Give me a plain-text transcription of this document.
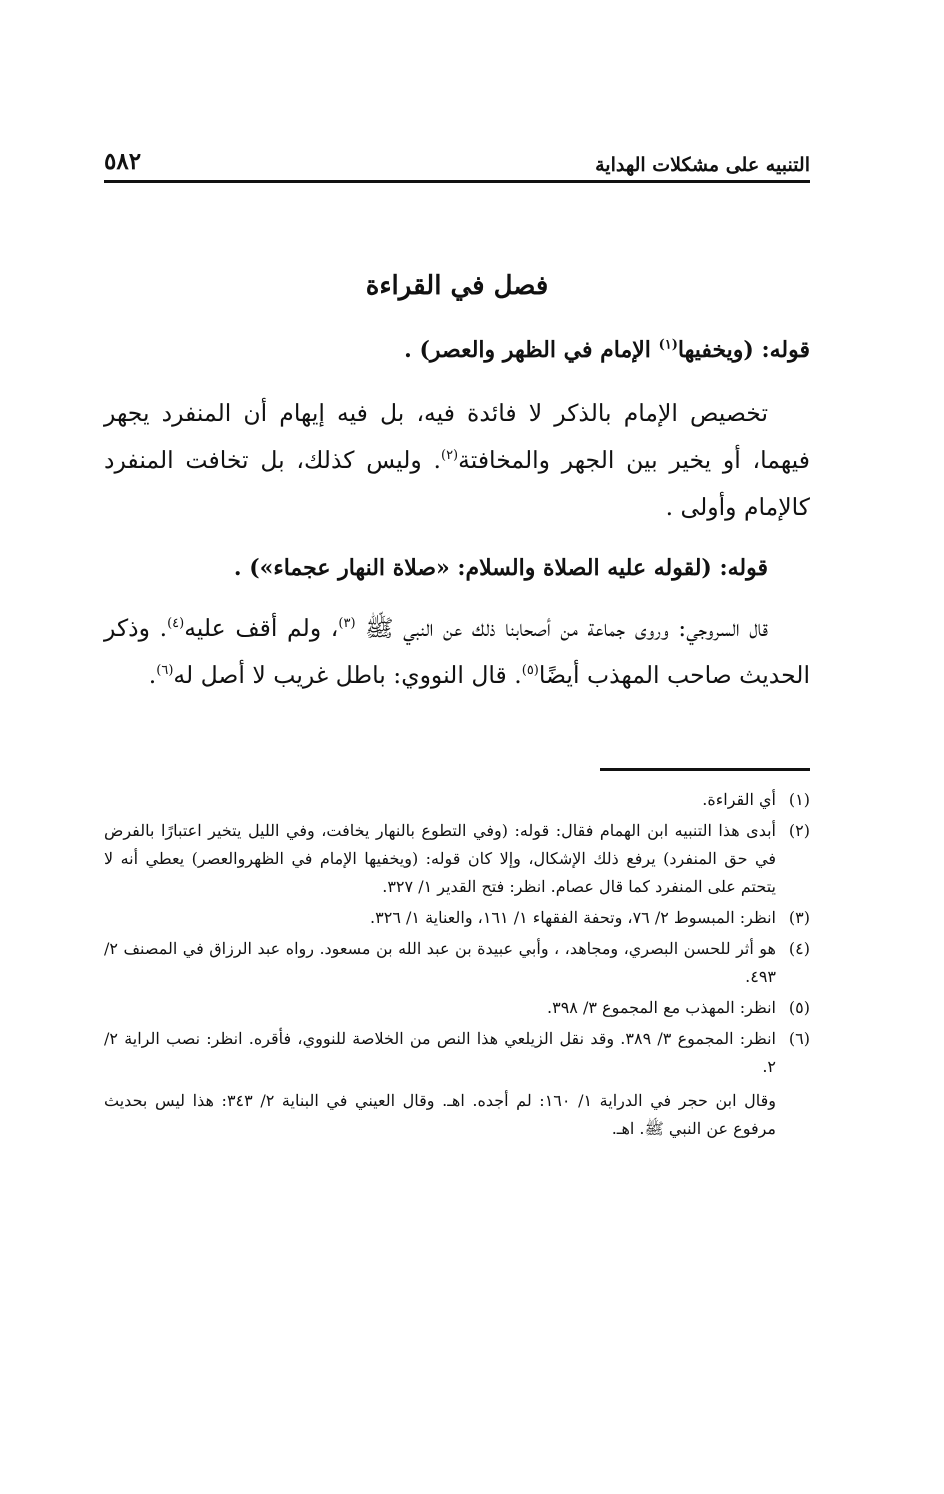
التنبيه على مشكلات الهداية
٥٨٢
فصل في القراءة
قوله: (ويخفيها$^{(١)}$ الإمام في الظهر والعصر) .
تخصيص الإمام بالذكر لا فائدة فيه، بل فيه إيهام أن المنفرد يجهر فيهما، أو يخير بين الجهر والمخافتة$^{(٢)}$. وليس كذلك، بل تخافت المنفرد كالإمام وأولى .
قوله: (لقوله عليه الصلاة والسلام: «صلاة النهار عجماء») .
قال السروجي: وروى جماعة من أصحابنا ذلك عن النبي ﷺ $^{(٣)}$، ولم أقف عليه$^{(٤)}$. وذكر الحديث صاحب المهذب أيضًا$^{(٥)}$. قال النووي: باطل غريب لا أصل له$^{(٦)}$.
(١)
أي القراءة.
(٢)
أبدى هذا التنبيه ابن الهمام فقال: قوله: (وفي التطوع بالنهار يخافت، وفي الليل يتخير اعتبارًا بالفرض في حق المنفرد) يرفع ذلك الإشكال، وإلا كان قوله: (ويخفيها الإمام في الظهروالعصر) يعطي أنه لا يتحتم على المنفرد كما قال عصام. انظر: فتح القدير ١/ ٣٢٧.
(٣)
انظر: المبسوط ٢/ ٧٦، وتحفة الفقهاء ١/ ١٦١، والعناية ١/ ٣٢٦.
(٤)
هو أثر للحسن البصري، ومجاهد، ، وأبي عبيدة بن عبد الله بن مسعود. رواه عبد الرزاق في المصنف ٢/ ٤٩٣.
(٥)
انظر: المهذب مع المجموع ٣/ ٣٩٨.
(٦)
انظر: المجموع ٣/ ٣٨٩. وقد نقل الزيلعي هذا النص من الخلاصة للنووي، فأقره. انظر: نصب الراية ٢/ ٢.
وقال ابن حجر في الدراية ١/ ١٦٠: لم أجده. اهـ. وقال العيني في البناية ٢/ ٣٤٣: هذا ليس بحديث مرفوع عن النبي ﷺ. اهـ.
